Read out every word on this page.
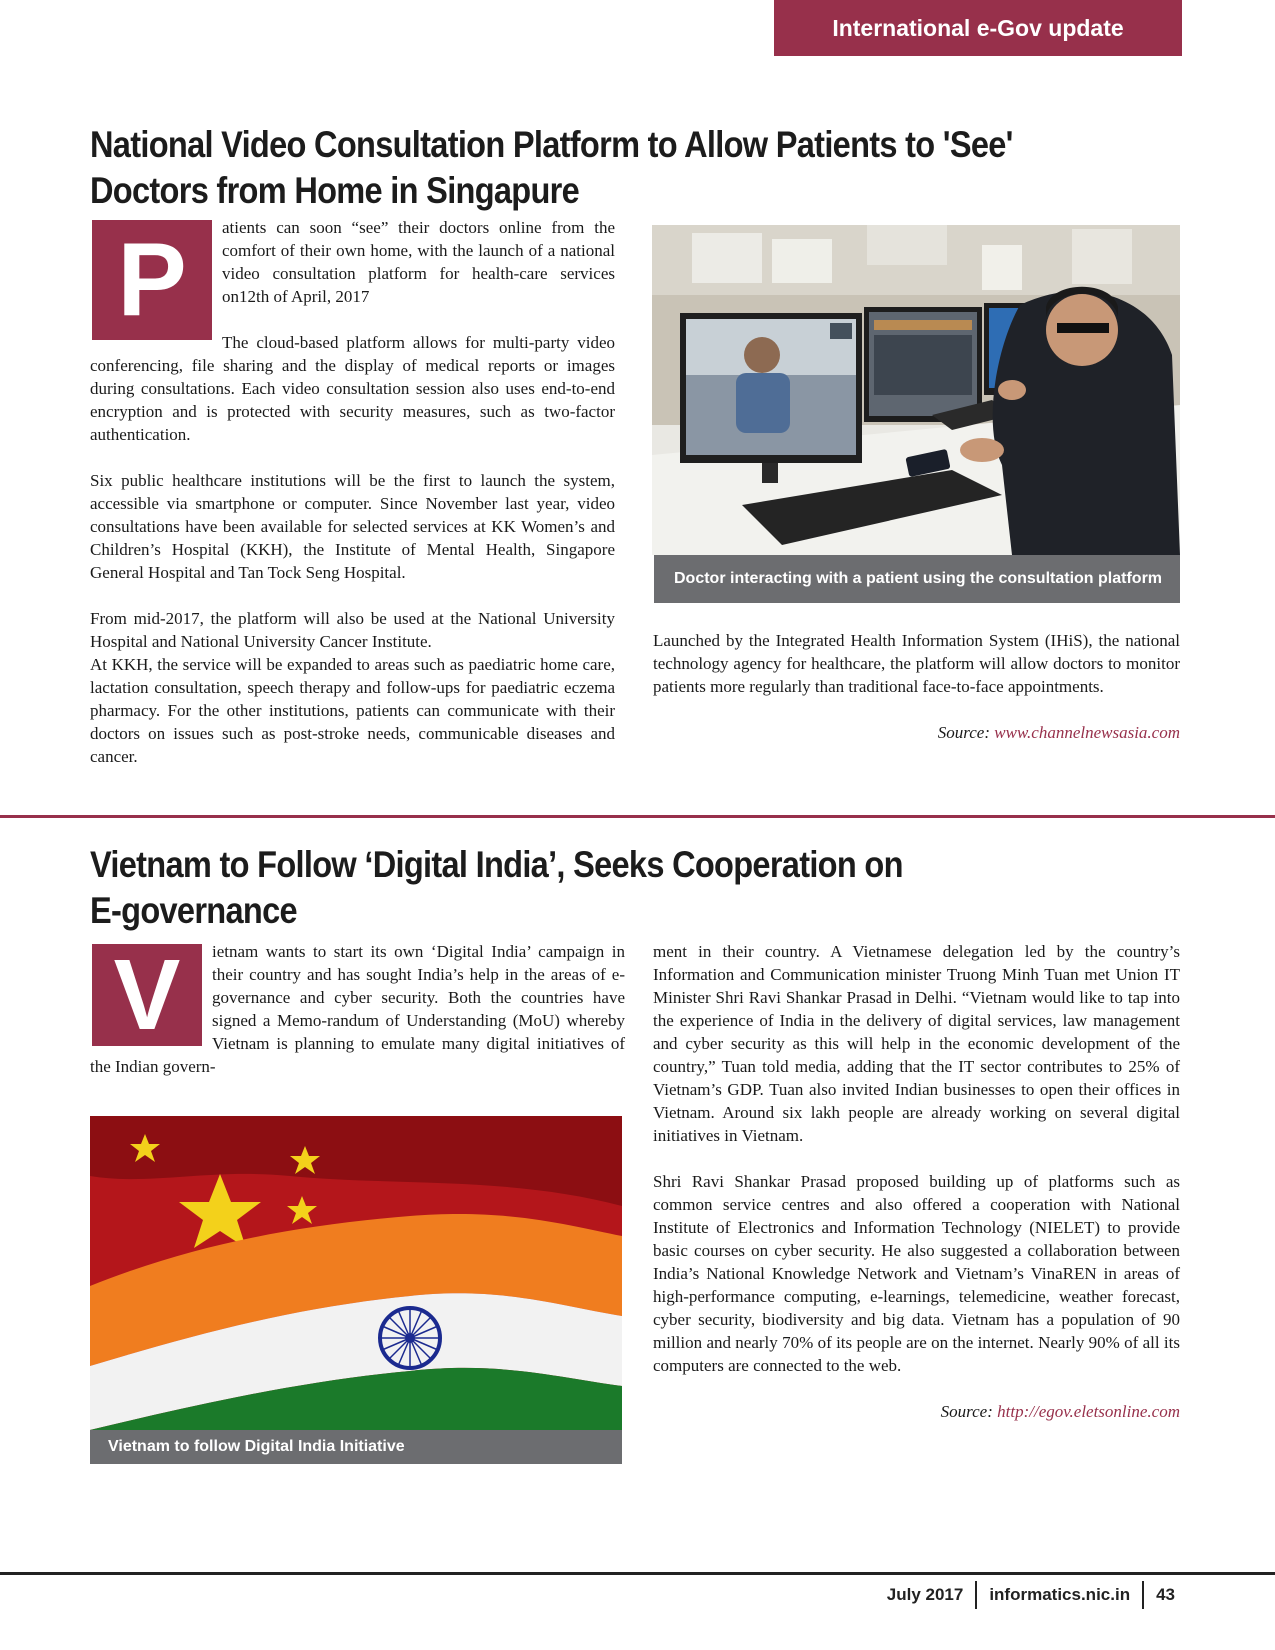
International e-Gov update
National Video Consultation Platform to Allow Patients to 'See'
Doctors from Home in Singapure
P	atients can soon “see” their doctors online from the comfort of their own home, with the launch of a national video consultation platform for health-care services on12th of April, 2017

The cloud-based platform allows for multi-party video conferencing, file sharing and the display of medical reports or images during consultations. Each video consultation session also uses end-to-end encryption and is protected with security measures, such as two-factor authentication.

Six public healthcare institutions will be the first to launch the system, accessible via smartphone or computer. Since November last year, video consultations have been available for selected services at KK Women’s and Children’s Hospital (KKH), the Institute of Mental Health, Singapore General Hospital and Tan Tock Seng Hospital.

From mid-2017, the platform will also be used at the National University Hospital and National University Cancer Institute.

At KKH, the service will be expanded to areas such as paediatric home care, lactation consultation, speech therapy and follow-ups for paediatric eczema pharmacy. For the other institutions, patients can communicate with their doctors on issues such as post-stroke needs, communicable diseases and cancer.

Doctor interacting with a patient using the consultation platform

Launched by the Integrated Health Information System (IHiS), the national technology agency for healthcare, the platform will allow doctors to monitor patients more regularly than traditional face-to-face appointments.

Source: www.channelnewsasia.com
Vietnam to Follow ‘Digital India’, Seeks Cooperation on
E-governance
V	ietnam wants to start its own ‘Digital India’ campaign in their country and has sought India’s help in the areas of e-governance and cyber security. Both the countries have signed a Memo-randum of Understanding (MoU) whereby Vietnam is planning to emulate many digital initiatives of the Indian govern-

Vietnam to follow Digital India Initiative

ment in their country. A Vietnamese delegation led by the country’s Information and Communication minister Truong Minh Tuan met Union IT Minister Shri Ravi Shankar Prasad in Delhi. “Vietnam would like to tap into the experience of India in the delivery of digital services, law management and cyber security as this will help in the economic development of the country,” Tuan told media, adding that the IT sector contributes to 25% of Vietnam’s GDP. Tuan also invited Indian businesses to open their offices in Vietnam. Around six lakh people are already working on several digital initiatives in Vietnam.

Shri Ravi Shankar Prasad proposed building up of platforms such as common service centres and also offered a cooperation with National Institute of Electronics and Information Technology (NIELET) to provide basic courses on cyber security. He also suggested a collaboration between India’s National Knowledge Network and Vietnam’s VinaREN in areas of high-performance computing, e-learnings, telemedicine, weather forecast, cyber security, biodiversity and big data. Vietnam has a population of 90 million and nearly 70% of its people are on the internet. Nearly 90% of all its computers are connected to the web.

Source: http://egov.eletsonline.com
July 2017 informatics.nic.in 43
